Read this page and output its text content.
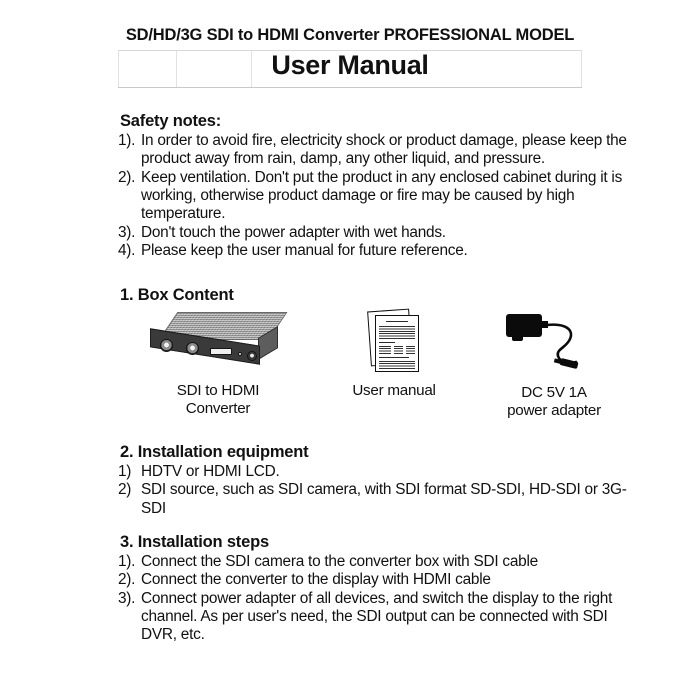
SD/HD/3G SDI to HDMI Converter PROFESSIONAL MODEL
User Manual
Safety notes:
1). In order to avoid fire, electricity shock or product damage, please keep the product away from rain, damp, any other liquid, and pressure.
2). Keep ventilation. Don't put the product in any enclosed cabinet during it is working, otherwise product damage or fire may be caused by high temperature.
3). Don't touch the power adapter with wet hands.
4). Please keep the user manual for future reference.
1. Box Content
SDI to HDMI
Converter
User manual	DC 5V 1A
power adapter
2. Installation equipment
1) HDTV or HDMI LCD.
2) SDI source, such as SDI camera, with SDI format SD-SDI, HD-SDI or 3G-SDI
3. Installation steps
1). Connect the SDI camera to the converter box with SDI cable
2). Connect the converter to the display with HDMI cable
3). Connect power adapter of all devices, and switch the display to the right channel. As per user's need, the SDI output can be connected with SDI DVR, etc.
